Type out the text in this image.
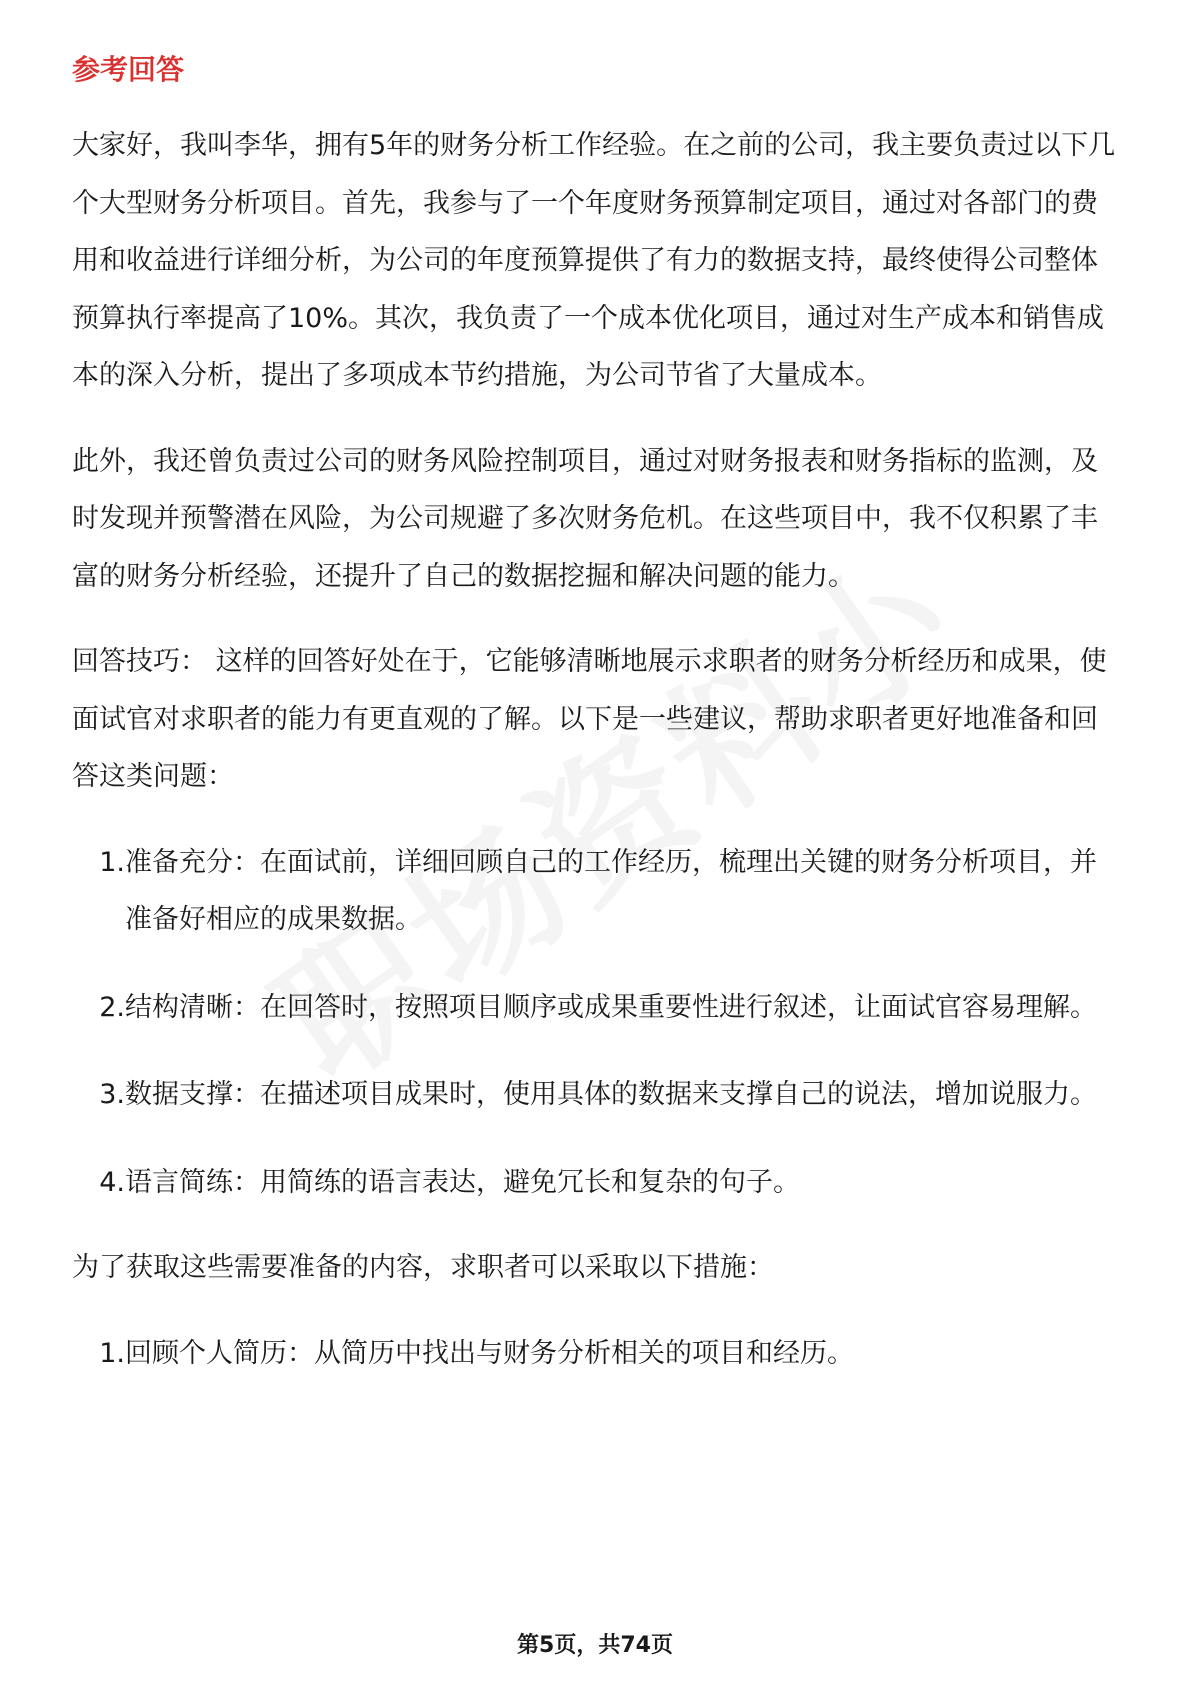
参考回答

大家好，我叫李华，拥有5年的财务分析工作经验。在之前的公司，我主要负责过以下几个大型财务分析项目。首先，我参与了一个年度财务预算制定项目，通过对各部门的费用和收益进行详细分析，为公司的年度预算提供了有力的数据支持，最终使得公司整体预算执行率提高了10%。其次，我负责了一个成本优化项目，通过对生产成本和销售成本的深入分析，提出了多项成本节约措施，为公司节省了大量成本。

此外，我还曾负责过公司的财务风险控制项目，通过对财务报表和财务指标的监测，及时发现并预警潜在风险，为公司规避了多次财务危机。在这些项目中，我不仅积累了丰富的财务分析经验，还提升了自己的数据挖掘和解决问题的能力。

回答技巧： 这样的回答好处在于，它能够清晰地展示求职者的财务分析经历和成果，使面试官对求职者的能力有更直观的了解。以下是一些建议，帮助求职者更好地准备和回答这类问题：

1. 准备充分：在面试前，详细回顾自己的工作经历，梳理出关键的财务分析项目，并准备好相应的成果数据。
2. 结构清晰：在回答时，按照项目顺序或成果重要性进行叙述，让面试官容易理解。
3. 数据支撑：在描述项目成果时，使用具体的数据来支撑自己的说法，增加说服力。
4. 语言简练：用简练的语言表达，避免冗长和复杂的句子。

为了获取这些需要准备的内容，求职者可以采取以下措施：

1. 回顾个人简历：从简历中找出与财务分析相关的项目和经历。
第5页，共74页
